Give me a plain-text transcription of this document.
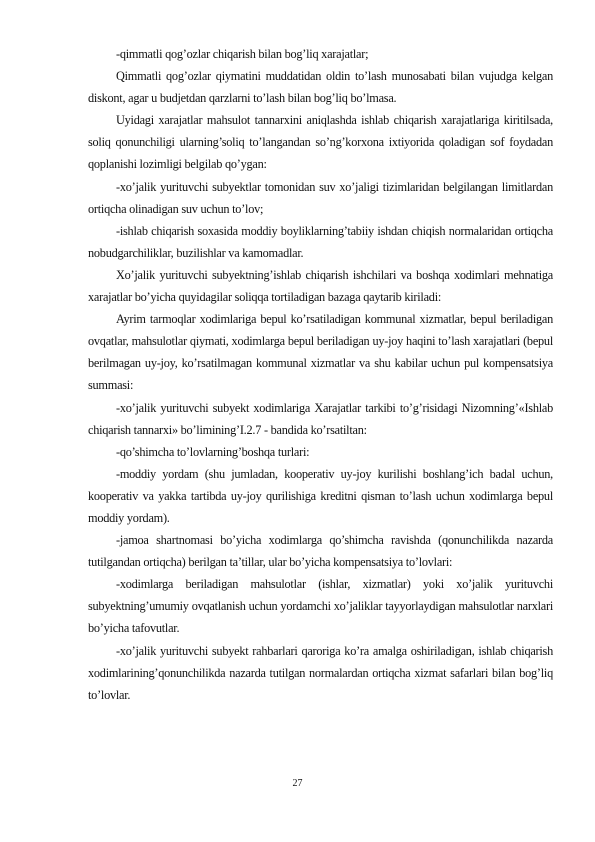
-qimmatli qog’ozlar chiqarish bilan bog’liq xarajatlar;

Qimmatli qog’ozlar qiymatini muddatidan oldin to’lash munosabati bilan vujudga kelgan diskont, agar u budjetdan qarzlarni to’lash bilan bog’liq bo’lmasa.

Uyidagi xarajatlar mahsulot tannarxini aniqlashda ishlab chiqarish xarajatlariga kiritilsada, soliq qonunchiligi ularning’soliq to’langandan so’ng’korxona ixtiyorida qoladigan sof foydadan qoplanishi lozimligi belgilab qo’ygan:

-xo’jalik yurituvchi subyektlar tomonidan suv xo’jaligi tizimlaridan belgilangan limitlardan ortiqcha olinadigan suv uchun to’lov;

-ishlab chiqarish soxasida moddiy boyliklarning’tabiiy ishdan chiqish normalaridan ortiqcha nobudgarchiliklar, buzilishlar va kamomadlar.

Xo’jalik yurituvchi subyektning’ishlab chiqarish ishchilari va boshqa xodimlari mehnatiga xarajatlar bo’yicha quyidagilar soliqqa tortiladigan bazaga qaytarib kiriladi:

Ayrim tarmoqlar xodimlariga bepul ko’rsatiladigan kommunal xizmatlar, bepul beriladigan ovqatlar, mahsulotlar qiymati, xodimlarga bepul beriladigan uy-joy haqini to’lash xarajatlari (bepul berilmagan uy-joy, ko’rsatilmagan kommunal xizmatlar va shu kabilar uchun pul kompensatsiya summasi:

-xo’jalik yurituvchi subyekt xodimlariga Xarajatlar tarkibi to’g’risidagi Nizomning’«Ishlab chiqarish tannarxi» bo’limining’I.2.7 - bandida ko’rsatiltan:

-qo’shimcha to’lovlarning’boshqa turlari:

-moddiy yordam (shu jumladan, kooperativ uy-joy kurilishi boshlang’ich badal uchun, kooperativ va yakka tartibda uy-joy qurilishiga kreditni qisman to’lash uchun xodimlarga bepul moddiy yordam).

-jamoa shartnomasi bo’yicha xodimlarga qo’shimcha ravishda (qonunchilikda nazarda tutilgandan ortiqcha) berilgan ta’tillar, ular bo’yicha kompensatsiya to’lovlari:

-xodimlarga beriladigan mahsulotlar (ishlar, xizmatlar) yoki xo’jalik yurituvchi subyektning’umumiy ovqatlanish uchun yordamchi xo’jaliklar tayyorlaydigan mahsulotlar narxlari bo’yicha tafovutlar.

-xo’jalik yurituvchi subyekt rahbarlari qaroriga ko’ra amalga oshiriladigan, ishlab chiqarish xodimlarining’qonunchilikda nazarda tutilgan normalardan ortiqcha xizmat safarlari bilan bog’liq to’lovlar.

27
